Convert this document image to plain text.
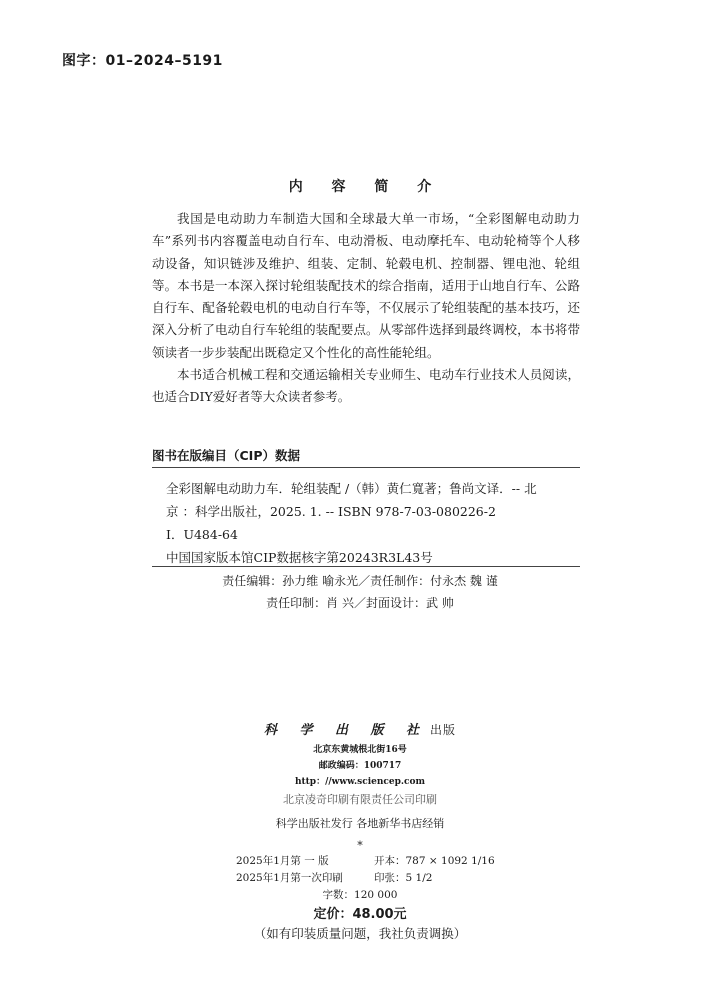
图字：01–2024–5191
内 容 简 介

我国是电动助力车制造大国和全球最大单一市场，“全彩图解电动助力车”系列书内容覆盖电动自行车、电动滑板、电动摩托车、电动轮椅等个人移动设备，知识链涉及维护、组装、定制、轮毂电机、控制器、锂电池、轮组等。本书是一本深入探讨轮组装配技术的综合指南，适用于山地自行车、公路自行车、配备轮毂电机的电动自行车等，不仅展示了轮组装配的基本技巧，还深入分析了电动自行车轮组的装配要点。从零部件选择到最终调校，本书将带领读者一步步装配出既稳定又个性化的高性能轮组。

本书适合机械工程和交通运输相关专业师生、电动车行业技术人员阅读，也适合DIY爱好者等大众读者参考。

图书在版编目（CIP）数据
全彩图解电动助力车．轮组装配 /（韩）黄仁寬著；鲁尚文译．-- 北
京 ：科学出版社，2025. 1. -- ISBN 978-7-03-080226-2
Ⅰ．U484-64
中国国家版本馆CIP数据核字第20243R3L43号
责任编辑：孙力维 喻永光／责任制作：付永杰 魏 谨
责任印制：肖 兴／封面设计：武 帅
科 学 出 版 社 出版
北京东黄城根北街16号
邮政编码：100717
http：//www.sciencep.com
北京凌奇印刷有限责任公司印刷
科学出版社发行 各地新华书店经销
*
2025年1月第 一 版	开本：787 × 1092 1/16
2025年1月第一次印刷	印张：5 1/2
字数：120 000
定价：48.00元
（如有印装质量问题，我社负责调换）
